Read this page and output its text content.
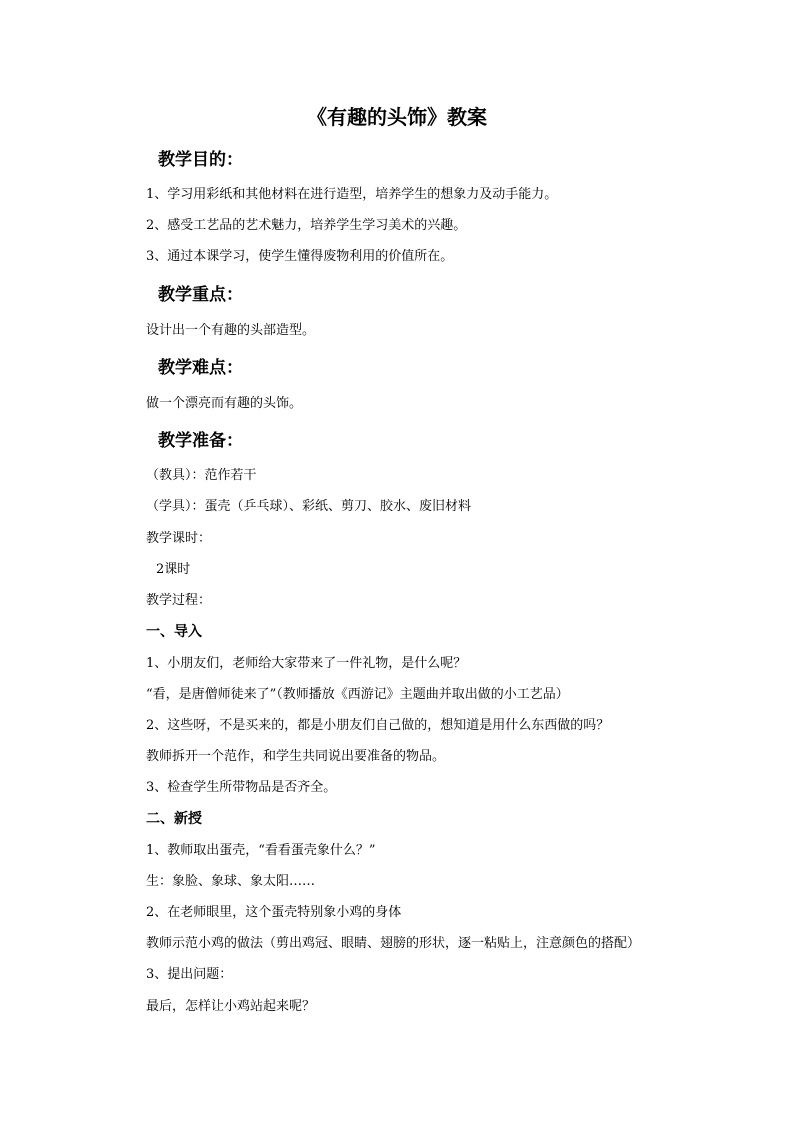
《有趣的头饰》教案
教学目的：
1、学习用彩纸和其他材料在进行造型，培养学生的想象力及动手能力。
2、感受工艺品的艺术魅力，培养学生学习美术的兴趣。
3、通过本课学习，使学生懂得废物利用的价值所在。
教学重点：
设计出一个有趣的头部造型。
教学难点：
做一个漂亮而有趣的头饰。
教学准备：
（教具）：范作若干
（学具）：蛋壳（乒乓球）、彩纸、剪刀、胶水、废旧材料
教学课时：
2课时
教学过程：
一、导入
1、小朋友们，老师给大家带来了一件礼物，是什么呢？
“看，是唐僧师徒来了”（教师播放《西游记》主题曲并取出做的小工艺品）
2、这些呀，不是买来的，都是小朋友们自己做的，想知道是用什么东西做的吗？
教师拆开一个范作，和学生共同说出要准备的物品。
3、检查学生所带物品是否齐全。
二、新授
1、教师取出蛋壳，“看看蛋壳象什么？”
生：象脸、象球、象太阳……
2、在老师眼里，这个蛋壳特别象小鸡的身体
教师示范小鸡的做法（剪出鸡冠、眼睛、翅膀的形状，逐一粘贴上，注意颜色的搭配）
3、提出问题：
最后，怎样让小鸡站起来呢？
